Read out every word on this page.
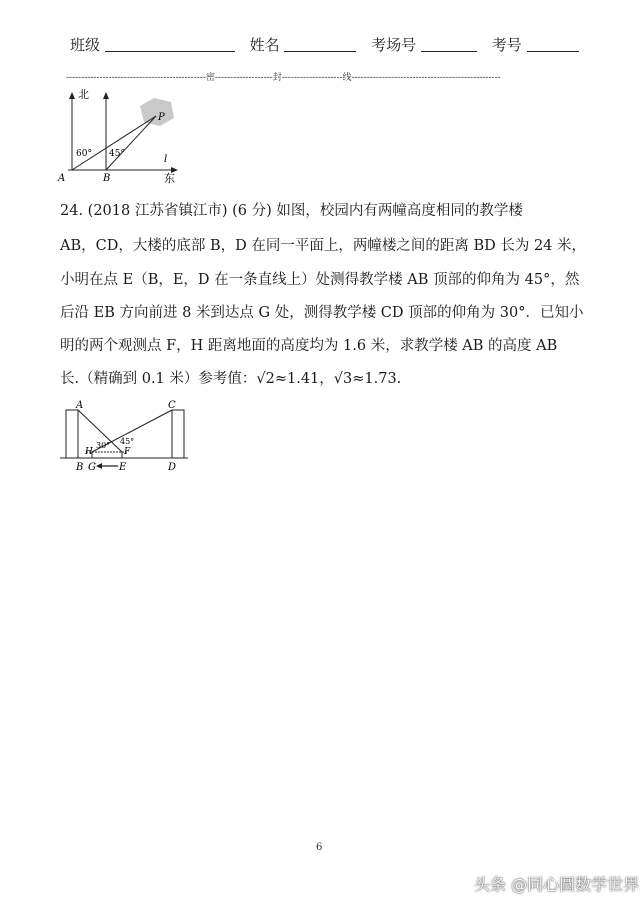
班级	姓名	考场号	考号
----------------------------------------------密-------------------封--------------------线-------------------------------------------------
北
东
P
l
A	B
60° 45°
24. (2018 江苏省镇江市) (6 分) 如图，校园内有两幢高度相同的教学楼
AB，CD，大楼的底部 B，D 在同一平面上，两幢楼之间的距离 BD 长为 24 米，
小明在点 E（B，E，D 在一条直线上）处测得教学楼 AB 顶部的仰角为 45°，然
后沿 EB 方向前进 8 米到达点 G 处，测得教学楼 CD 顶部的仰角为 30°．已知小
明的两个观测点 F，H 距离地面的高度均为 1.6 米，求教学楼 AB 的高度 AB
长.（精确到 0.1 米）参考值：√2≈1.41，√3≈1.73.
A	C
B	D
G E
H	F
30° 45°
6
头条 @同心圆数学世界
